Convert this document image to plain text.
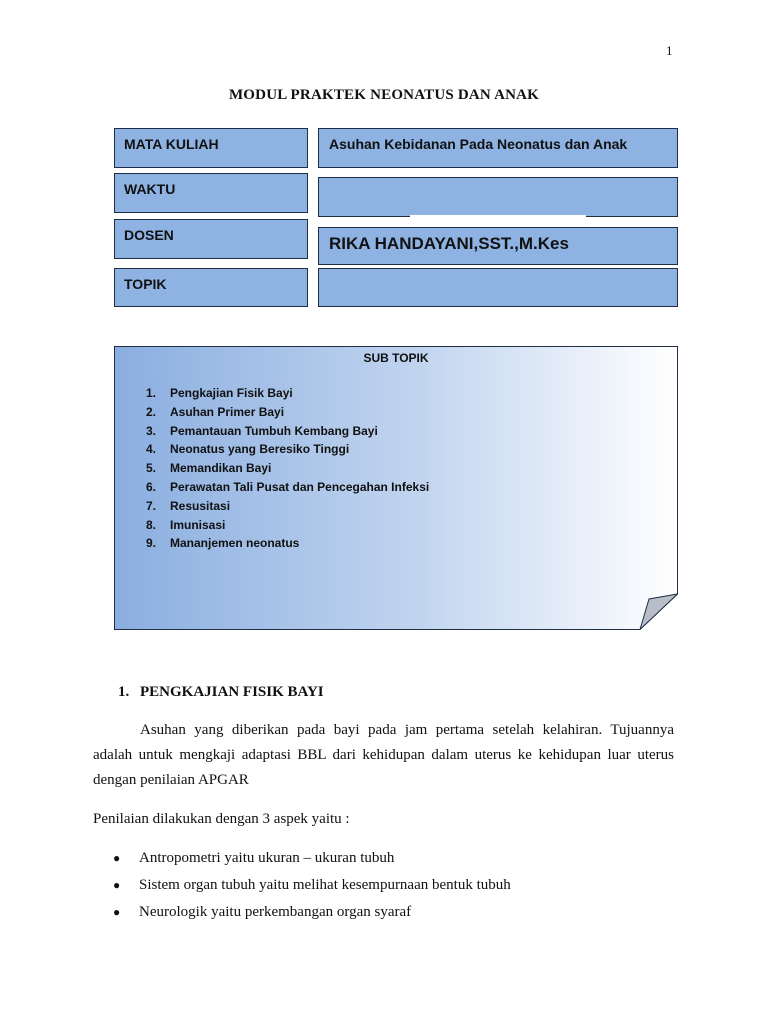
1
MODUL PRAKTEK NEONATUS DAN ANAK
MATA KULIAH	Asuhan Kebidanan Pada Neonatus dan Anak
WAKTU
DOSEN	RIKA HANDAYANI,SST.,M.Kes
TOPIK
SUB TOPIK
1.	Pengkajian Fisik Bayi
2.	Asuhan Primer Bayi
3.	Pemantauan Tumbuh Kembang Bayi
4.	Neonatus yang Beresiko Tinggi
5.	Memandikan Bayi
6.	Perawatan Tali Pusat dan Pencegahan Infeksi
7.	Resusitasi
8.	Imunisasi
9.	Mananjemen neonatus
1. PENGKAJIAN FISIK BAYI
Asuhan yang diberikan pada bayi pada jam pertama setelah kelahiran. Tujuannya
adalah untuk mengkaji adaptasi BBL dari kehidupan dalam uterus ke kehidupan luar uterus
dengan penilaian APGAR
Penilaian dilakukan dengan 3 aspek yaitu :
●	Antropometri yaitu ukuran – ukuran tubuh
●	Sistem organ tubuh yaitu melihat kesempurnaan bentuk tubuh
●	Neurologik yaitu perkembangan organ syaraf
